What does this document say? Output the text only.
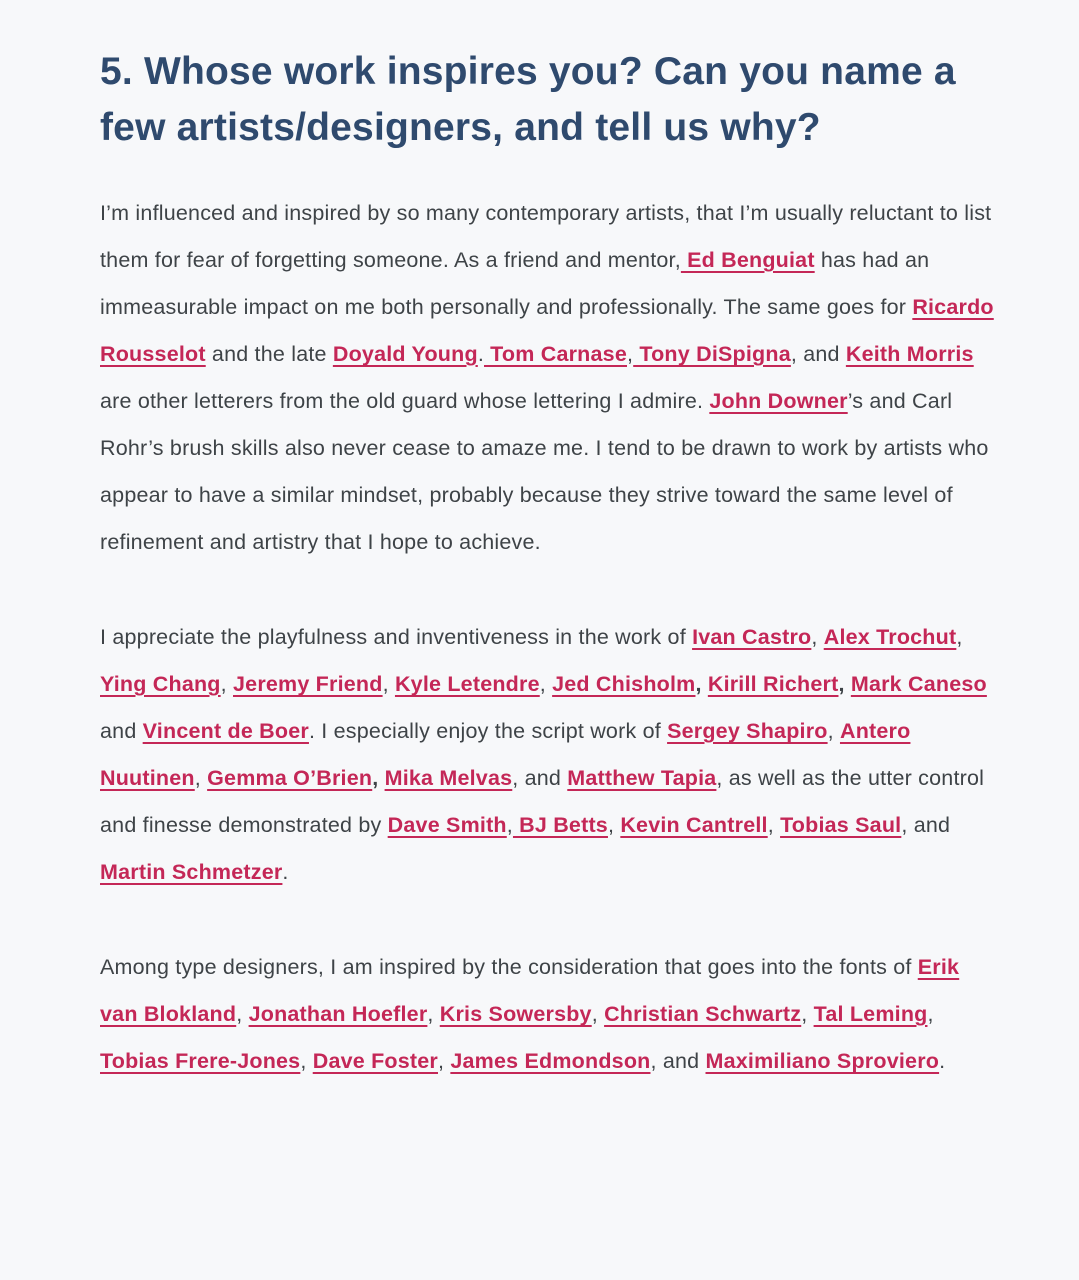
5. Whose work inspires you? Can you name a few artists/designers, and tell us why?

I’m influenced and inspired by so many contemporary artists, that I’m usually reluctant to list them for fear of forgetting someone. As a friend and mentor, Ed Benguiat has had an immeasurable impact on me both personally and professionally. The same goes for Ricardo Rousselot and the late Doyald Young. Tom Carnase, Tony DiSpigna, and Keith Morris are other letterers from the old guard whose lettering I admire. John Downer’s and Carl Rohr’s brush skills also never cease to amaze me. I tend to be drawn to work by artists who appear to have a similar mindset, probably because they strive toward the same level of refinement and artistry that I hope to achieve.

I appreciate the playfulness and inventiveness in the work of Ivan Castro, Alex Trochut, Ying Chang, Jeremy Friend, Kyle Letendre, Jed Chisholm, Kirill Richert, Mark Caneso and Vincent de Boer. I especially enjoy the script work of Sergey Shapiro, Antero Nuutinen, Gemma O’Brien, Mika Melvas, and Matthew Tapia, as well as the utter control and finesse demonstrated by Dave Smith, BJ Betts, Kevin Cantrell, Tobias Saul, and Martin Schmetzer.

Among type designers, I am inspired by the consideration that goes into the fonts of Erik van Blokland, Jonathan Hoefler, Kris Sowersby, Christian Schwartz, Tal Leming, Tobias Frere-Jones, Dave Foster, James Edmondson, and Maximiliano Sproviero.
